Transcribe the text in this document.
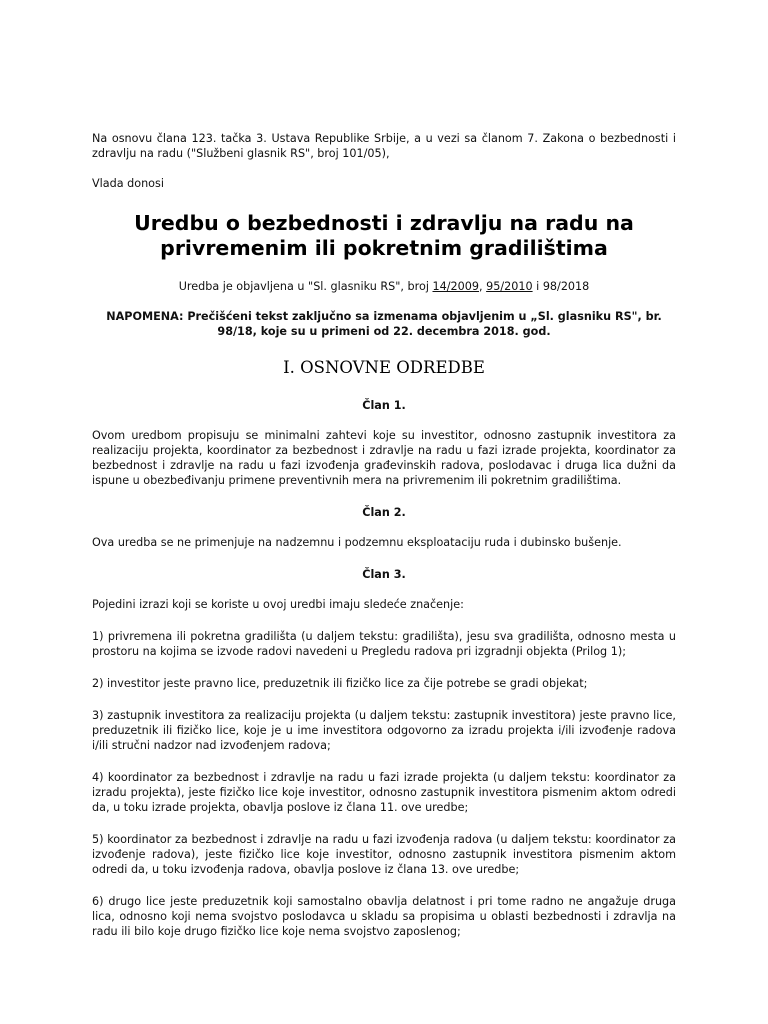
Na osnovu člana 123. tačka 3. Ustava Republike Srbije, a u vezi sa članom 7. Zakona o bezbednosti i zdravlju na radu ("Službeni glasnik RS", broj 101/05),

Vlada donosi

Uredbu o bezbednosti i zdravlju na radu na
privremenim ili pokretnim gradilištima

Uredba je objavljena u "Sl. glasniku RS", broj 14/2009, 95/2010 i 98/2018

NAPOMENA: Prečišćeni tekst zaključno sa izmenama objavljenim u „Sl. glasniku RS", br. 98/18, koje su u primeni od 22. decembra 2018. god.

I. OSNOVNE ODREDBE

Član 1.

Ovom uredbom propisuju se minimalni zahtevi koje su investitor, odnosno zastupnik investitora za realizaciju projekta, koordinator za bezbednost i zdravlje na radu u fazi izrade projekta, koordinator za bezbednost i zdravlje na radu u fazi izvođenja građevinskih radova, poslodavac i druga lica dužni da ispune u obezbeđivanju primene preventivnih mera na privremenim ili pokretnim gradilištima.

Član 2.

Ova uredba se ne primenjuje na nadzemnu i podzemnu eksploataciju ruda i dubinsko bušenje.

Član 3.

Pojedini izrazi koji se koriste u ovoj uredbi imaju sledeće značenje:

1) privremena ili pokretna gradilišta (u daljem tekstu: gradilišta), jesu sva gradilišta, odnosno mesta u prostoru na kojima se izvode radovi navedeni u Pregledu radova pri izgradnji objekta (Prilog 1);

2) investitor jeste pravno lice, preduzetnik ili fizičko lice za čije potrebe se gradi objekat;

3) zastupnik investitora za realizaciju projekta (u daljem tekstu: zastupnik investitora) jeste pravno lice, preduzetnik ili fizičko lice, koje je u ime investitora odgovorno za izradu projekta i/ili izvođenje radova i/ili stručni nadzor nad izvođenjem radova;

4) koordinator za bezbednost i zdravlje na radu u fazi izrade projekta (u daljem tekstu: koordinator za izradu projekta), jeste fizičko lice koje investitor, odnosno zastupnik investitora pismenim aktom odredi da, u toku izrade projekta, obavlja poslove iz člana 11. ove uredbe;

5) koordinator za bezbednost i zdravlje na radu u fazi izvođenja radova (u daljem tekstu: koordinator za izvođenje radova), jeste fizičko lice koje investitor, odnosno zastupnik investitora pismenim aktom odredi da, u toku izvođenja radova, obavlja poslove iz člana 13. ove uredbe;

6) drugo lice jeste preduzetnik koji samostalno obavlja delatnost i pri tome radno ne angažuje druga lica, odnosno koji nema svojstvo poslodavca u skladu sa propisima u oblasti bezbednosti i zdravlja na radu ili bilo koje drugo fizičko lice koje nema svojstvo zaposlenog;
